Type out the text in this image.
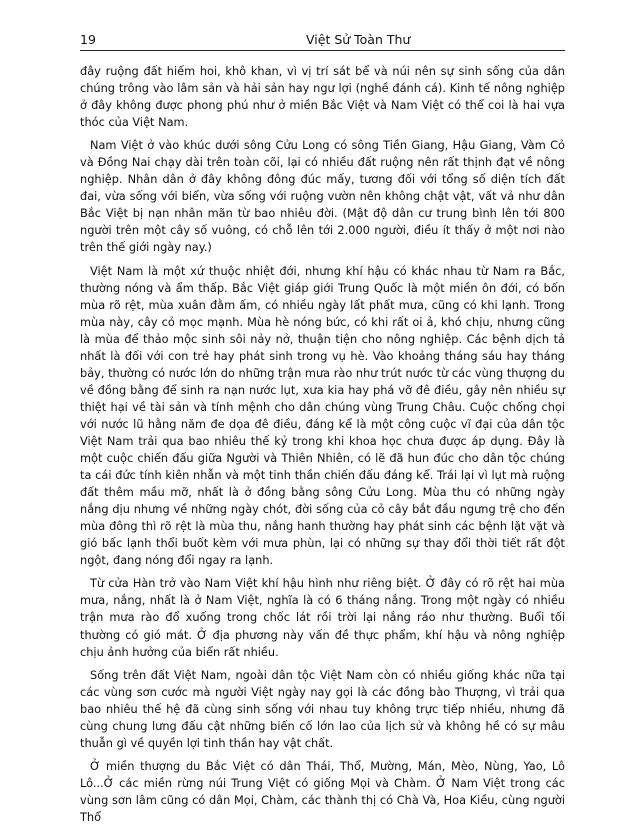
19	Việt Sử Toàn Thư

đây ruộng đất hiếm hoi, khô khan, vì vị trí sát bể và núi nên sự sinh sống của dân chúng trông vào lâm sản và hải sản hay ngư lợi (nghề đánh cá). Kinh tế nông nghiệp ở đây không được phong phú như ở miền Bắc Việt và Nam Việt có thể coi là hai vựa thóc của Việt Nam.

Nam Việt ở vào khúc dưới sông Cửu Long có sông Tiền Giang, Hậu Giang, Vàm Cỏ và Đồng Nai chạy dài trên toàn cõi, lại có nhiều đất ruộng nên rất thịnh đạt về nông nghiệp. Nhân dân ở đây không đông đúc mấy, tương đối với tổng số diện tích đất đai, vừa sống với biển, vừa sống với ruộng vườn nên không chật vật, vất vả như dân Bắc Việt bị nạn nhân mãn từ bao nhiêu đời. (Mật độ dân cư trung bình lên tới 800 người trên một cây số vuông, có chỗ lên tới 2.000 người, điều ít thấy ở một nơi nào trên thế giới ngày nay.)

Việt Nam là một xứ thuộc nhiệt đới, nhưng khí hậu có khác nhau từ Nam ra Bắc, thường nóng và ẩm thấp. Bắc Việt giáp giới Trung Quốc là một miền ôn đới, có bốn mùa rõ rệt, mùa xuân đằm ấm, có nhiều ngày lất phất mưa, cũng có khi lạnh. Trong mùa này, cây cỏ mọc mạnh. Mùa hè nóng bức, có khi rất oi ả, khó chịu, nhưng cũng là mùa để thảo mộc sinh sôi nảy nở, thuận tiện cho nông nghiệp. Các bệnh dịch tả nhất là đối với con trẻ hay phát sinh trong vụ hè. Vào khoảng tháng sáu hay tháng bảy, thường có nước lớn do những trận mưa rào như trút nước từ các vùng thượng du về đồng bằng để sinh ra nạn nước lụt, xưa kia hay phá vỡ đê điều, gây nên nhiều sự thiệt hại về tài sản và tính mệnh cho dân chúng vùng Trung Châu. Cuộc chống chọi với nước lũ hằng năm đe dọa đê điều, đáng kể là một công cuộc vĩ đại của dân tộc Việt Nam trải qua bao nhiêu thế kỷ trong khi khoa học chưa được áp dụng. Đây là một cuộc chiến đấu giữa Người và Thiên Nhiên, có lẽ đã hun đúc cho dân tộc chúng ta cái đức tính kiên nhẫn và một tinh thần chiến đấu đáng kể. Trái lại vì lụt mà ruộng đất thêm mầu mỡ, nhất là ở đồng bằng sông Cửu Long. Mùa thu có những ngày nắng dịu nhưng về những ngày chót, đời sống của cỏ cây bắt đầu ngưng trệ cho đến mùa đông thì rõ rệt là mùa thu, nắng hanh thường hay phát sinh các bệnh lặt vặt và gió bấc lạnh thổi buốt kèm với mưa phùn, lại có những sự thay đổi thời tiết rất đột ngột, đang nóng đổi ngay ra lạnh.

Từ cửa Hàn trở vào Nam Việt khí hậu hình như riêng biệt. Ở đây có rõ rệt hai mùa mưa, nắng, nhất là ở Nam Việt, nghĩa là có 6 tháng nắng. Trong một ngày có nhiều trận mưa rào đổ xuống trong chốc lát rồi trời lại nắng ráo như thường. Buổi tối thường có gió mát. Ở địa phương này vấn đề thực phẩm, khí hậu và nông nghiệp chịu ảnh hưởng của biển rất nhiều.

Sống trên đất Việt Nam, ngoài dân tộc Việt Nam còn có nhiều giống khác nữa tại các vùng sơn cước mà người Việt ngày nay gọi là các đồng bào Thượng, vì trải qua bao nhiêu thế hệ đã cùng sinh sống với nhau tuy không trực tiếp nhiều, nhưng đã cùng chung lưng đấu cật những biến cố lớn lao của lịch sử và không hề có sự mâu thuẫn gì về quyền lợi tinh thần hay vật chất.

Ở miền thượng du Bắc Việt có dân Thái, Thổ, Mường, Mán, Mèo, Nùng, Yao, Lô Lô...Ở các miền rừng núi Trung Việt có giống Mọi và Chàm. Ở Nam Việt trong các vùng sơn lâm cũng có dân Mọi, Chàm, các thành thị có Chà Và, Hoa Kiều, cùng người Thổ
